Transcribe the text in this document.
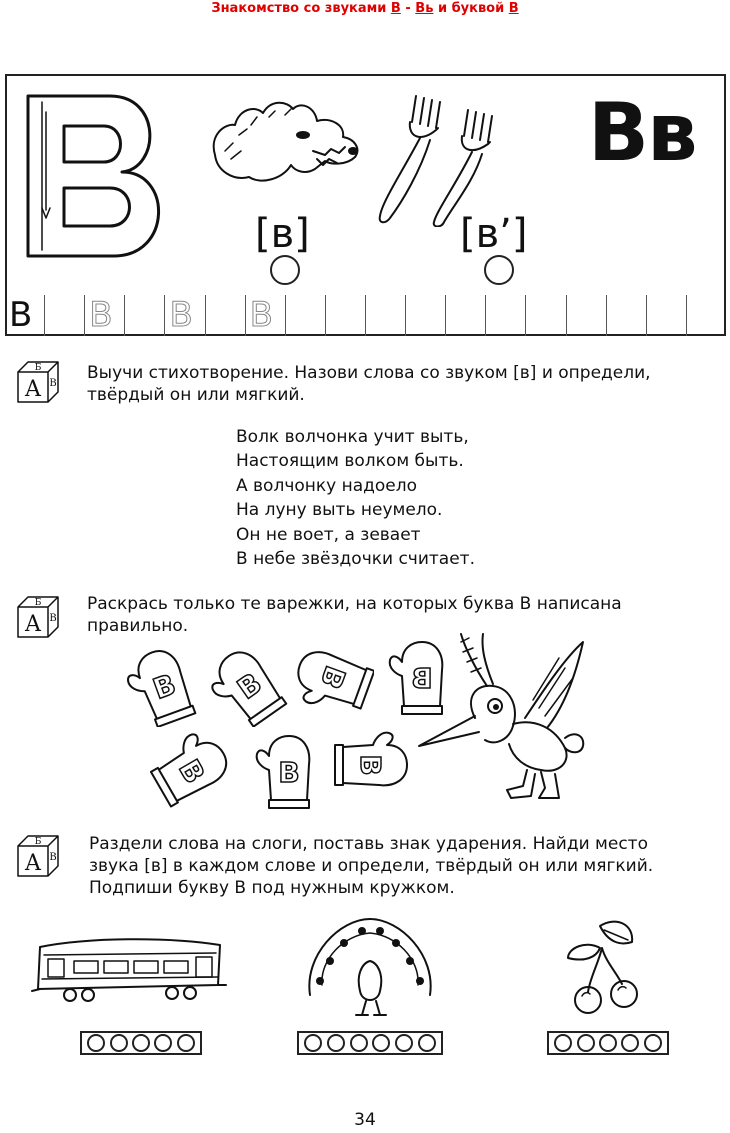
Знакомство со звуками В - Вь и буквой В
[в]	[в’]
Вв
В В В В
А
Б
В
Выучи стихотворение. Назови слова со звуком [в] и определи,
твёрдый он или мягкий.
Волк волчонка учит выть,
Настоящим волком быть.
А волчонку надоело
На луну выть неумело.
Он не воет, а зевает
В небе звёздочки считает.
А
Б
В
Раскрась только те варежки, на которых буква В написана
правильно.
В В В В
В В В
А
Б
В
Раздели слова на слоги, поставь знак ударения. Найди место
звука [в] в каждом слове и определи, твёрдый он или мягкий.
Подпиши букву В под нужным кружком.
34
